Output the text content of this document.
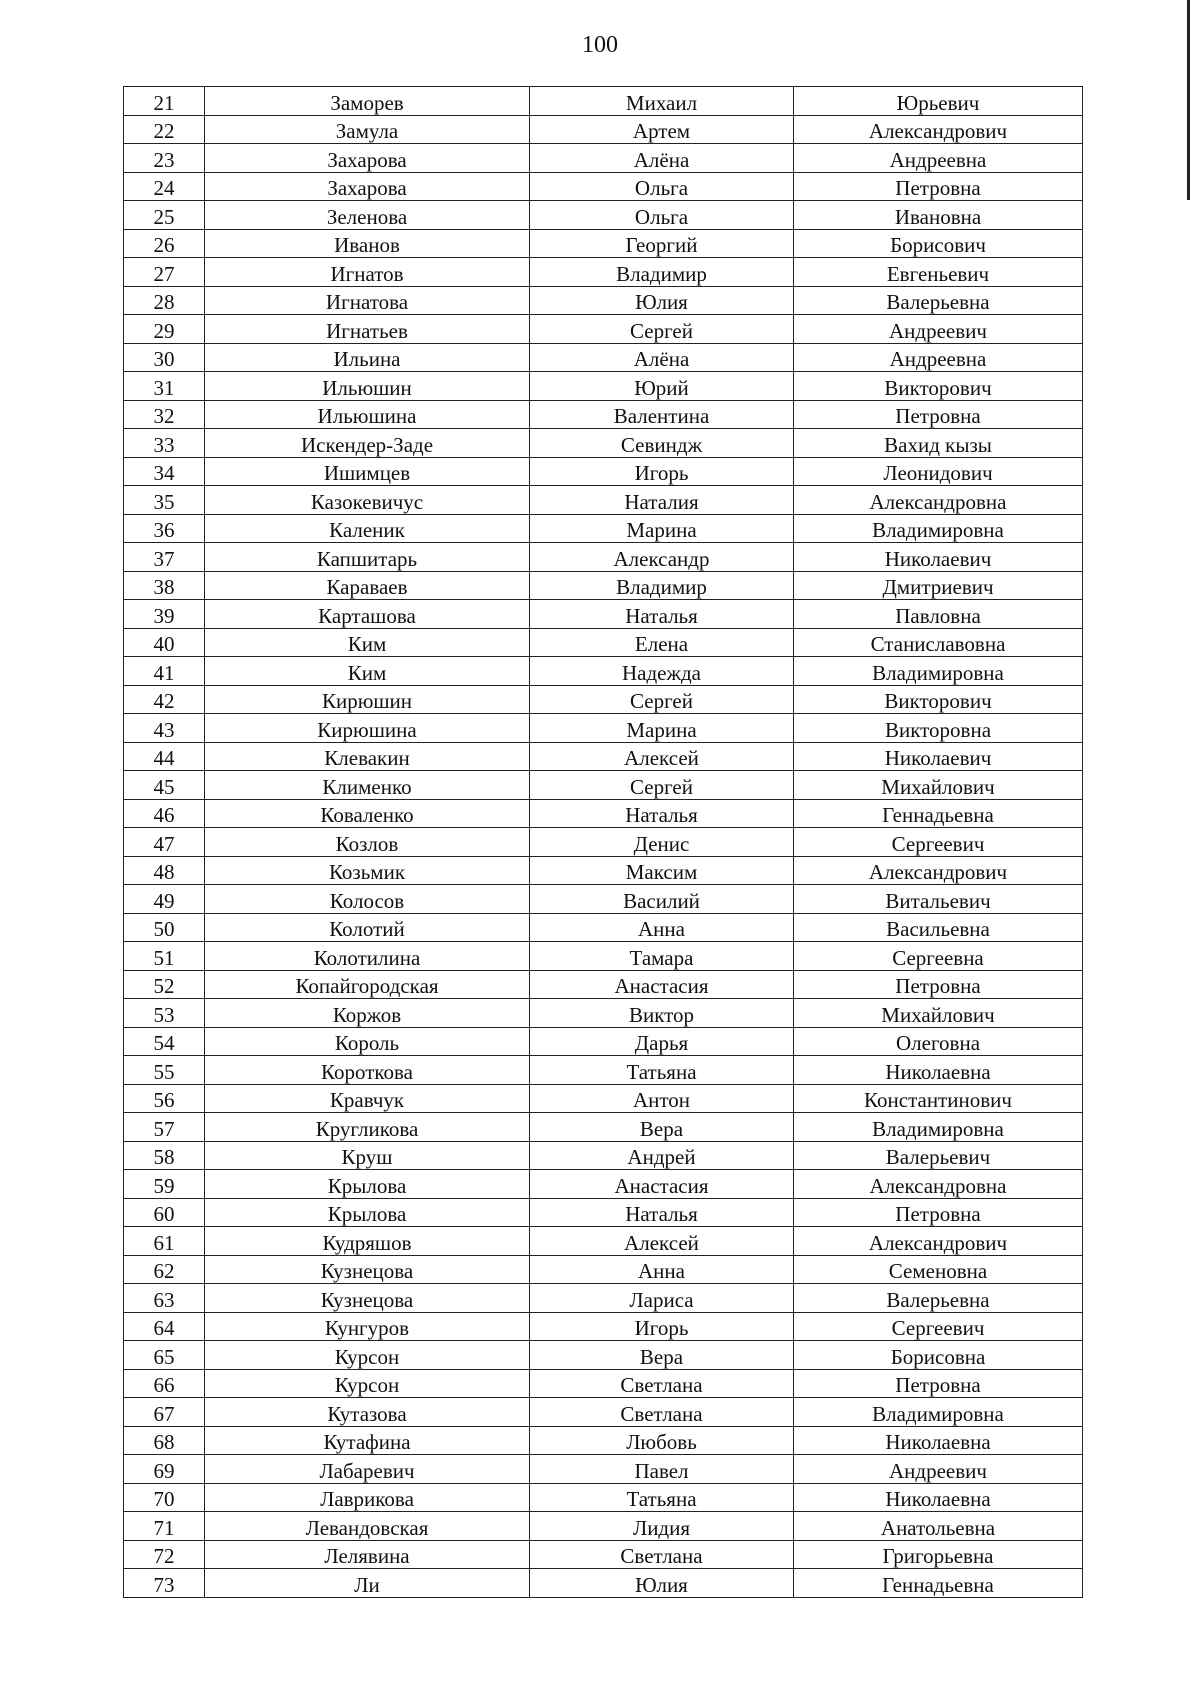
100
21	Заморев	Михаил	Юрьевич
22	Замула	Артем	Александрович
23	Захарова	Алёна	Андреевна
24	Захарова	Ольга	Петровна
25	Зеленова	Ольга	Ивановна
26	Иванов	Георгий	Борисович
27	Игнатов	Владимир	Евгеньевич
28	Игнатова	Юлия	Валерьевна
29	Игнатьев	Сергей	Андреевич
30	Ильина	Алёна	Андреевна
31	Ильюшин	Юрий	Викторович
32	Ильюшина	Валентина	Петровна
33	Искендер-Заде	Севиндж	Вахид кызы
34	Ишимцев	Игорь	Леонидович
35	Казокевичус	Наталия	Александровна
36	Каленик	Марина	Владимировна
37	Капшитарь	Александр	Николаевич
38	Караваев	Владимир	Дмитриевич
39	Карташова	Наталья	Павловна
40	Ким	Елена	Станиславовна
41	Ким	Надежда	Владимировна
42	Кирюшин	Сергей	Викторович
43	Кирюшина	Марина	Викторовна
44	Клевакин	Алексей	Николаевич
45	Клименко	Сергей	Михайлович
46	Коваленко	Наталья	Геннадьевна
47	Козлов	Денис	Сергеевич
48	Козьмик	Максим	Александрович
49	Колосов	Василий	Витальевич
50	Колотий	Анна	Васильевна
51	Колотилина	Тамара	Сергеевна
52	Копайгородская	Анастасия	Петровна
53	Коржов	Виктор	Михайлович
54	Король	Дарья	Олеговна
55	Короткова	Татьяна	Николаевна
56	Кравчук	Антон	Константинович
57	Кругликова	Вера	Владимировна
58	Круш	Андрей	Валерьевич
59	Крылова	Анастасия	Александровна
60	Крылова	Наталья	Петровна
61	Кудряшов	Алексей	Александрович
62	Кузнецова	Анна	Семеновна
63	Кузнецова	Лариса	Валерьевна
64	Кунгуров	Игорь	Сергеевич
65	Курсон	Вера	Борисовна
66	Курсон	Светлана	Петровна
67	Кутазова	Светлана	Владимировна
68	Кутафина	Любовь	Николаевна
69	Лабаревич	Павел	Андреевич
70	Лаврикова	Татьяна	Николаевна
71	Левандовская	Лидия	Анатольевна
72	Лелявина	Светлана	Григорьевна
73	Ли	Юлия	Геннадьевна
